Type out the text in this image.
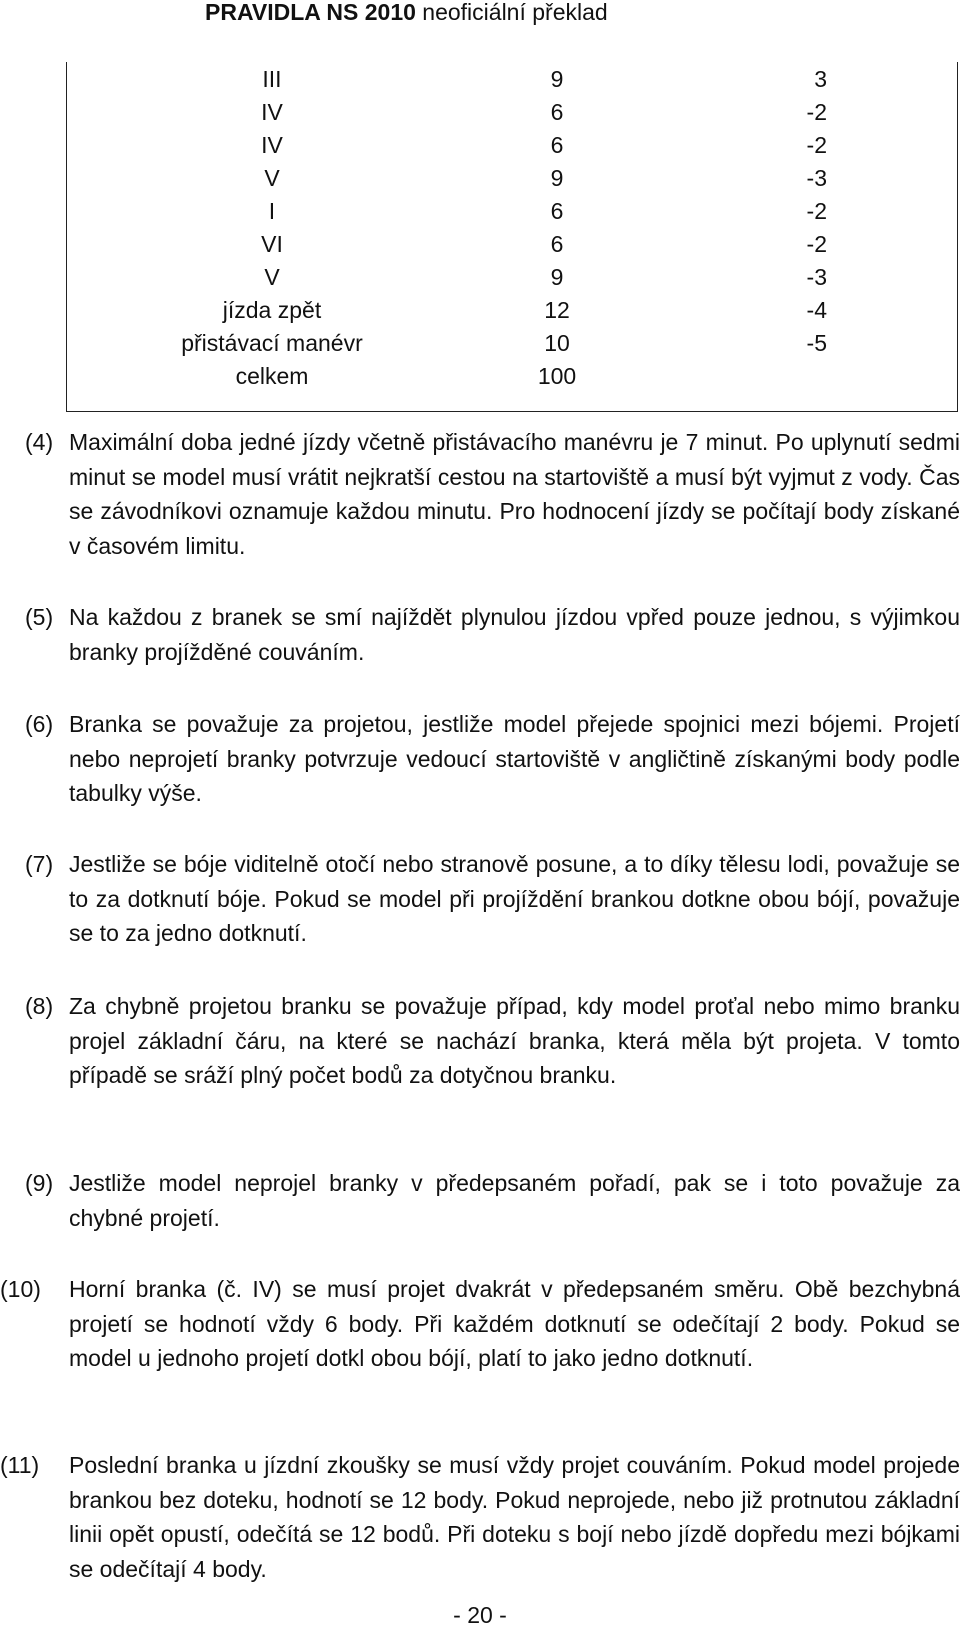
PRAVIDLA NS 2010 neoficiální překlad
III	9	3
IV	6	-2
IV	6	-2
V	9	-3
I	6	-2
VI	6	-2
V	9	-3
jízda zpět	12	-4
přistávací manévr	10	-5
celkem	100
(4) Maximální doba jedné jízdy včetně přistávacího manévru je 7 minut. Po uplynutí sedmi minut se model musí vrátit nejkratší cestou na startoviště a musí být vyjmut z vody. Čas se závodníkovi oznamuje každou minutu. Pro hodnocení jízdy se počítají body získané v časovém limitu.
(5) Na každou z branek se smí najíždět plynulou jízdou vpřed pouze jednou, s výjimkou branky projížděné couváním.
(6) Branka se považuje za projetou, jestliže model přejede spojnici mezi bójemi. Projetí nebo neprojetí branky potvrzuje vedoucí startoviště v angličtině získanými body podle tabulky výše.
(7) Jestliže se bóje viditelně otočí nebo stranově posune, a to díky tělesu lodi, považuje se to za dotknutí bóje. Pokud se model při projíždění brankou dotkne obou bójí, považuje se to za jedno dotknutí.
(8) Za chybně projetou branku se považuje případ, kdy model proťal nebo mimo branku projel základní čáru, na které se nachází branka, která měla být projeta. V tomto případě se sráží plný počet bodů za dotyčnou branku.
(9) Jestliže model neprojel branky v předepsaném pořadí, pak se i toto považuje za chybné projetí.
(10)	Horní branka (č. IV) se musí projet dvakrát v předepsaném směru. Obě bezchybná projetí se hodnotí vždy 6 body. Při každém dotknutí se odečítají 2 body. Pokud se model u jednoho projetí dotkl obou bójí, platí to jako jedno dotknutí.
(11)	Poslední branka u jízdní zkoušky se musí vždy projet couváním. Pokud model projede brankou bez doteku, hodnotí se 12 body. Pokud neprojede, nebo již protnutou základní linii opět opustí, odečítá se 12 bodů. Při doteku s bojí nebo jízdě dopředu mezi bójkami se odečítají 4 body.
- 20 -
